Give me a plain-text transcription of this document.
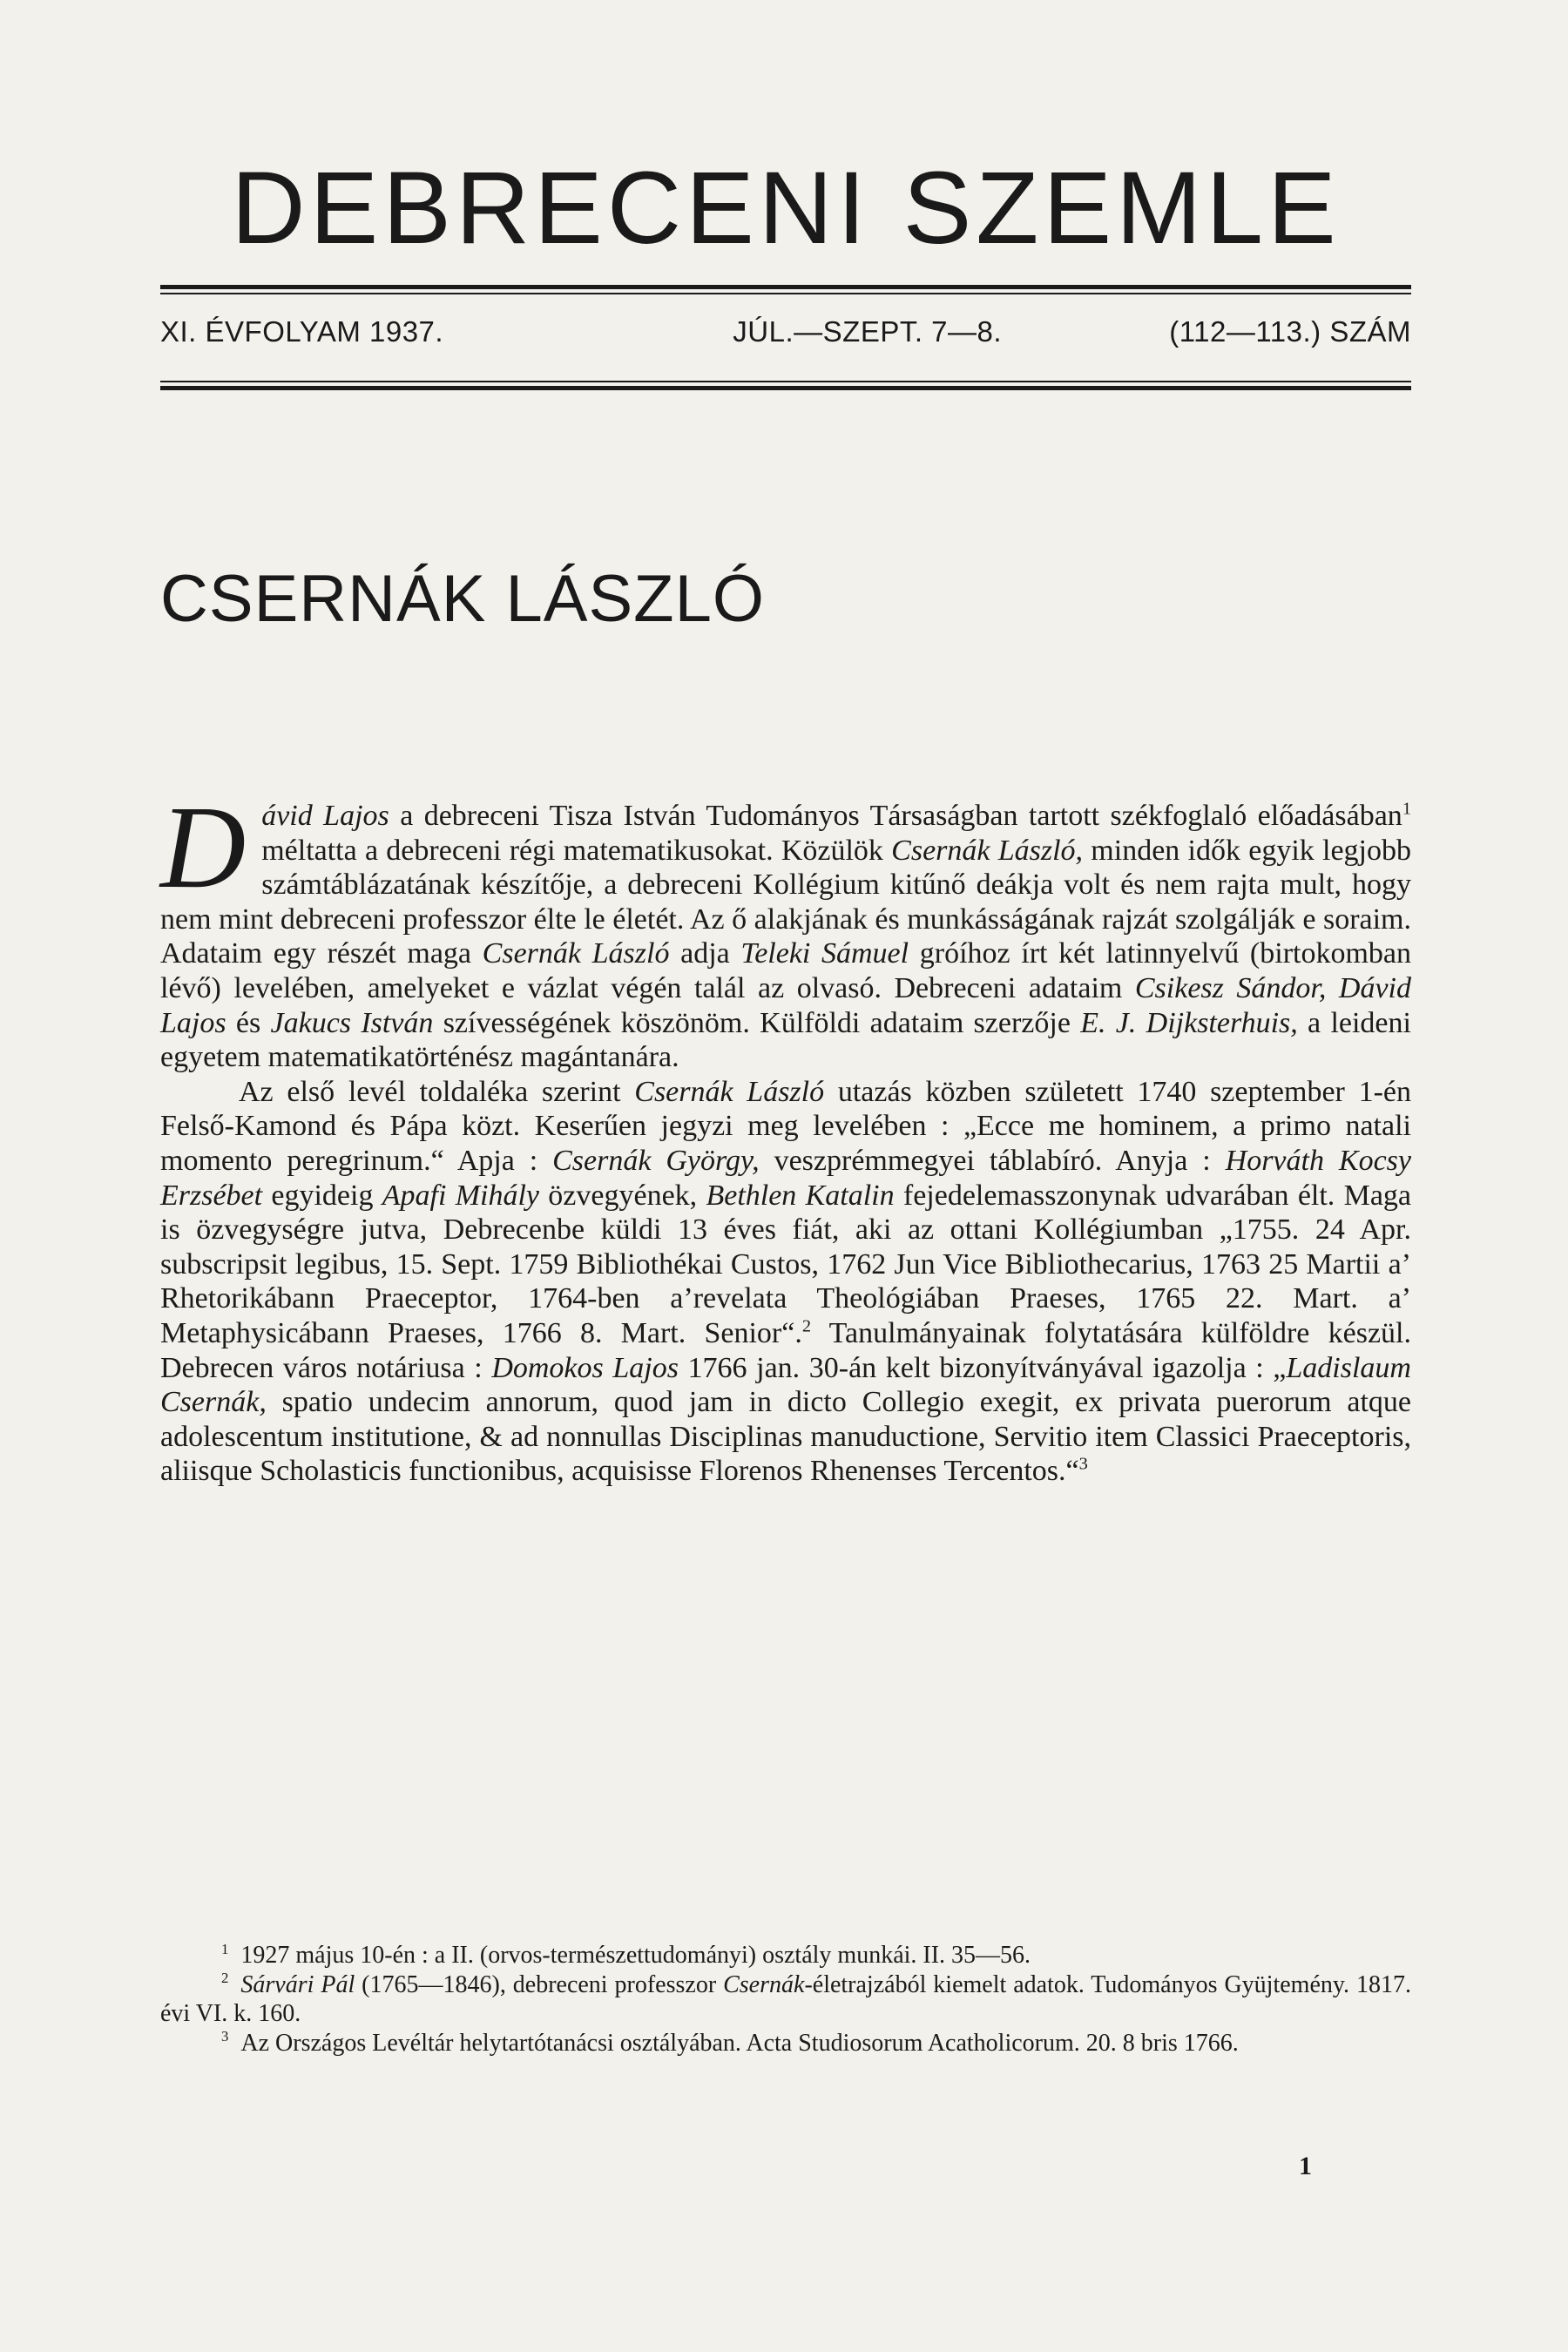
DEBRECENI SZEMLE
XI. ÉVFOLYAM 1937.	JÚL.—SZEPT. 7—8.	(112—113.) SZÁM
CSERNÁK LÁSZLÓ

Dávid Lajos a debreceni Tisza István Tudományos Társaságban tartott székfoglaló előadásában$^1$ méltatta a debreceni régi matematikusokat. Közülök Csernák László, minden idők egyik legjobb számtáblázatának készítője, a debreceni Kollégium kitűnő deákja volt és nem rajta mult, hogy nem mint debreceni professzor élte le életét. Az ő alakjának és munkásságának rajzát szolgálják e soraim. Adataim egy részét maga Csernák László adja Teleki Sámuel gróíhoz írt két latinnyelvű (birtokomban lévő) levelében, amelyeket e vázlat végén talál az olvasó. Debreceni adataim Csikesz Sándor, Dávid Lajos és Jakucs István szívességének köszönöm. Külföldi adataim szerzője E. J. Dijksterhuis, a leideni egyetem matematikatörténész magántanára.

Az első levél toldaléka szerint Csernák László utazás közben született 1740 szeptember 1-én Felső-Kamond és Pápa közt. Keserűen jegyzi meg levelében : „Ecce me hominem, a primo natali momento peregrinum.“ Apja : Csernák György, veszprémmegyei táblabíró. Anyja : Horváth Kocsy Erzsébet egyideig Apafi Mihály özvegyének, Bethlen Katalin fejedelemasszonynak udvarában élt. Maga is özvegységre jutva, Debrecenbe küldi 13 éves fiát, aki az ottani Kollégiumban „1755. 24 Apr. subscripsit legibus, 15. Sept. 1759 Bibliothékai Custos, 1762 Jun Vice Bibliothecarius, 1763 25 Martii a’ Rhetorikábann Praeceptor, 1764-ben a’revelata Theológiában Praeses, 1765 22. Mart. a’ Metaphysicábann Praeses, 1766 8. Mart. Senior“.$^2$ Tanulmányainak folytatására külföldre készül. Debrecen város notáriusa : Domokos Lajos 1766 jan. 30-án kelt bizonyítványával igazolja : „Ladislaum Csernák, spatio undecim annorum, quod jam in dicto Collegio exegit, ex privata puerorum atque adolescentum institutione, & ad nonnullas Disciplinas manuductione, Servitio item Classici Praeceptoris, aliisque Scholasticis functionibus, acquisisse Florenos Rhenenses Tercentos.“$^3$

$^1$ 1927 május 10-én : a II. (orvos-természettudományi) osztály munkái. II. 35—56.

$^2$ Sárvári Pál (1765—1846), debreceni professzor Csernák-életrajzából kiemelt adatok. Tudományos Gyüjtemény. 1817. évi VI. k. 160.

$^3$ Az Országos Levéltár helytartótanácsi osztályában. Acta Studiosorum Acatholicorum. 20. 8 bris 1766.

1
